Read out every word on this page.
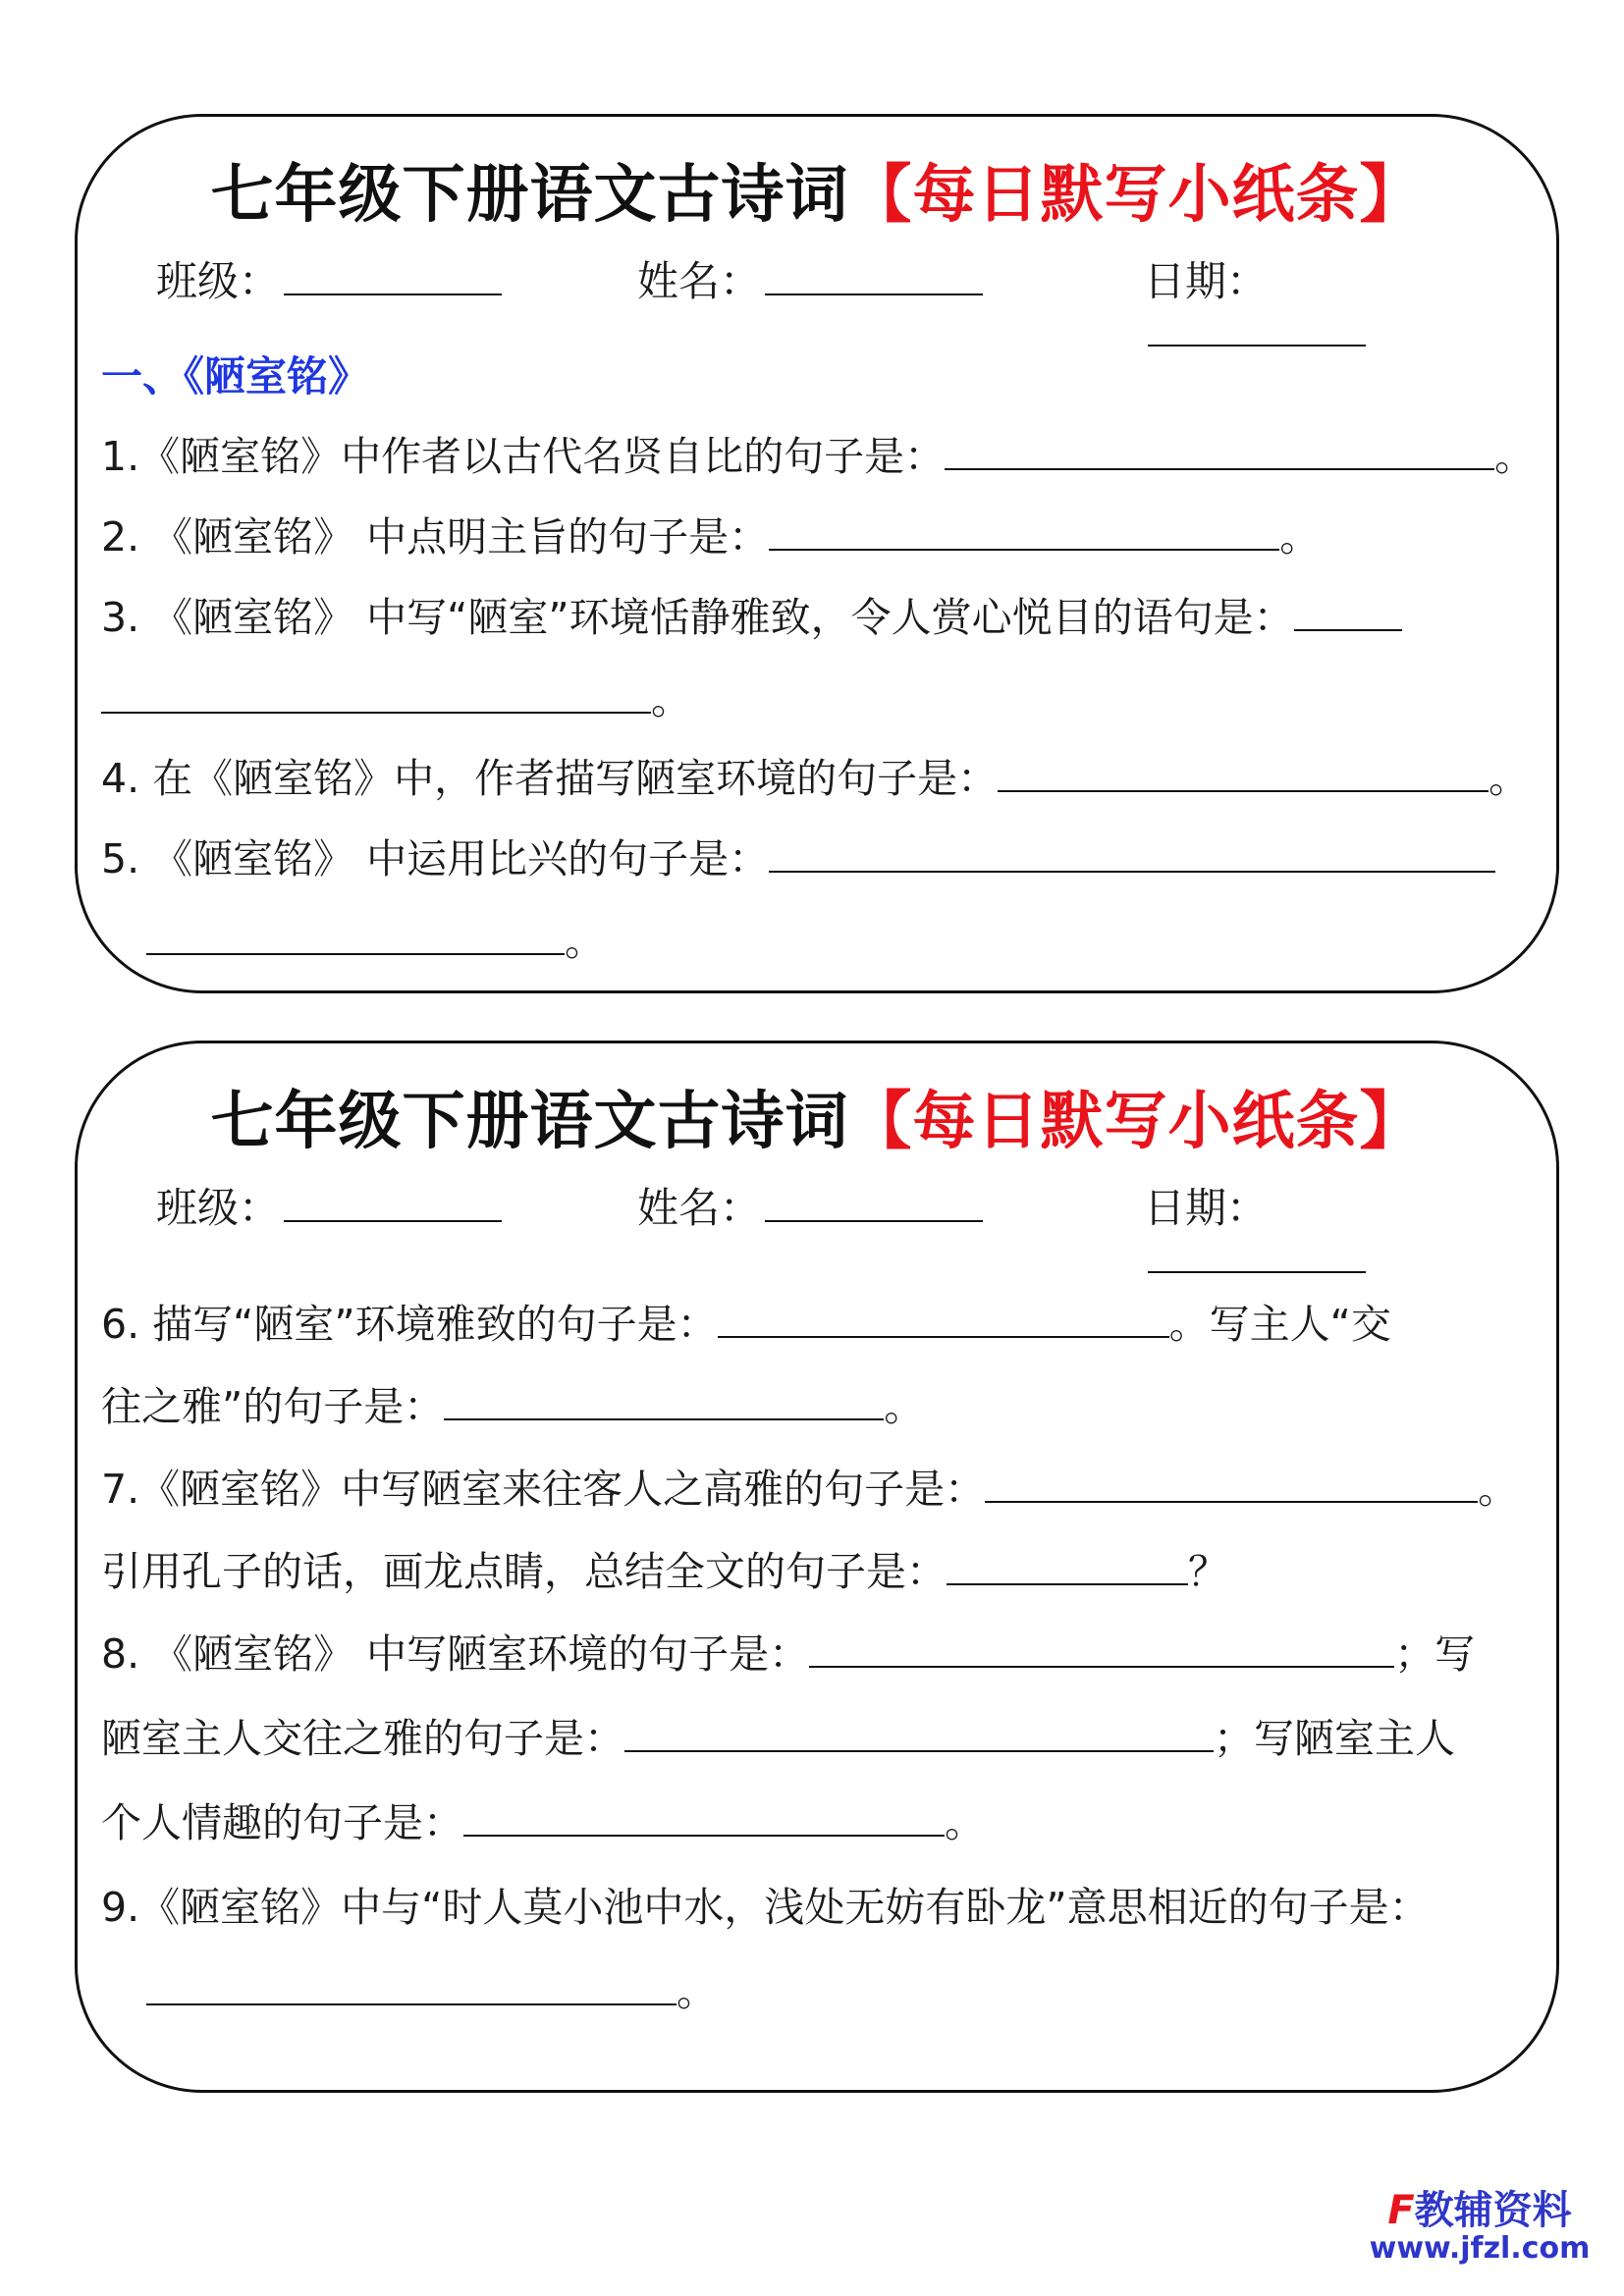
七年级下册语文古诗词【每日默写小纸条】
班级：	姓名：	日期：
一、《陋室铭》
1.《陋室铭》中作者以古代名贤自比的句子是：	。
2. 《陋室铭》 中点明主旨的句子是：	。
3. 《陋室铭》 中写“陋室”环境恬静雅致，令人赏心悦目的语句是：
。
4. 在《陋室铭》中，作者描写陋室环境的句子是：	。
5. 《陋室铭》 中运用比兴的句子是：
。
七年级下册语文古诗词【每日默写小纸条】
班级：	姓名：	日期：
6. 描写“陋室”环境雅致的句子是：	。写主人“交
往之雅”的句子是：	。
7.《陋室铭》中写陋室来往客人之高雅的句子是：	。
引用孔子的话，画龙点睛，总结全文的句子是：	？
8. 《陋室铭》 中写陋室环境的句子是：	；写
陋室主人交往之雅的句子是：	；写陋室主人
个人情趣的句子是：	。
9.《陋室铭》中与“时人莫小池中水，浅处无妨有卧龙”意思相近的句子是：
。
F教辅资料
www.jfzl.com
